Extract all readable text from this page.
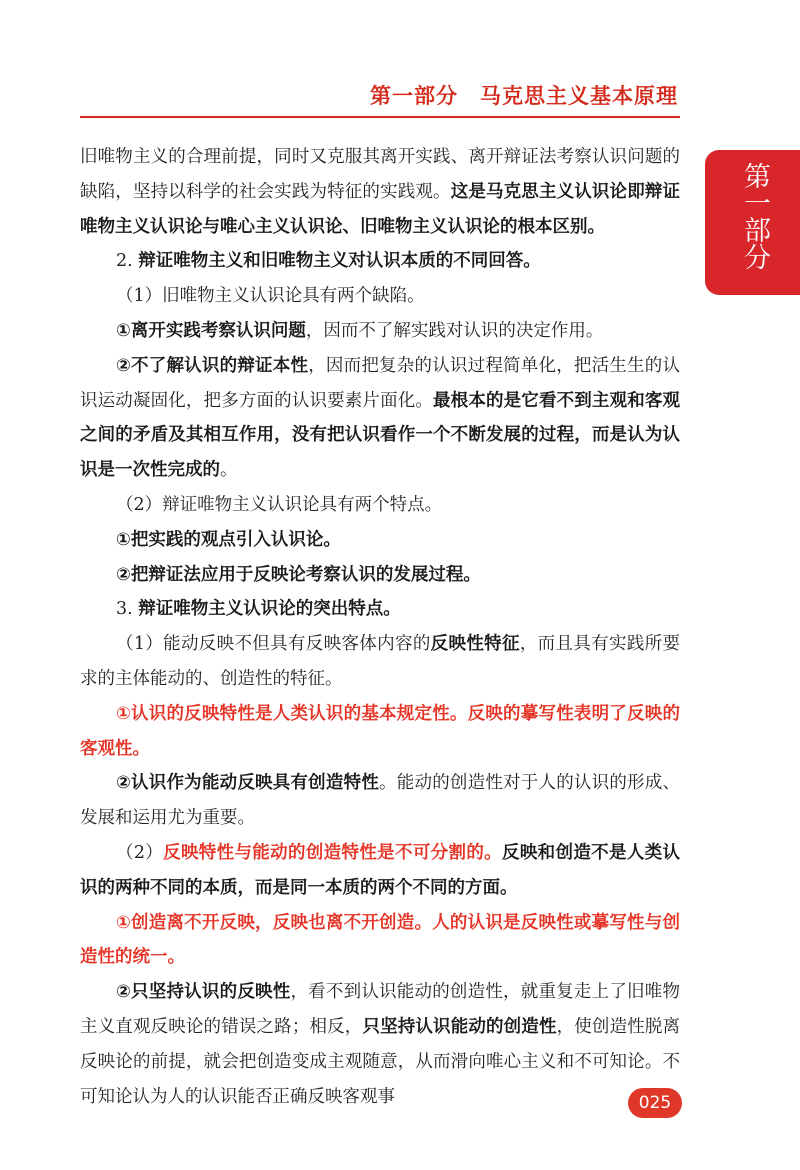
第一部分　马克思主义基本原理
第一部分

旧唯物主义的合理前提，同时又克服其离开实践、离开辩证法考察认识问题的缺陷，坚持以科学的社会实践为特征的实践观。这是马克思主义认识论即辩证唯物主义认识论与唯心主义认识论、旧唯物主义认识论的根本区别。

2. 辩证唯物主义和旧唯物主义对认识本质的不同回答。

（1）旧唯物主义认识论具有两个缺陷。

①离开实践考察认识问题，因而不了解实践对认识的决定作用。

②不了解认识的辩证本性，因而把复杂的认识过程简单化，把活生生的认识运动凝固化，把多方面的认识要素片面化。最根本的是它看不到主观和客观之间的矛盾及其相互作用，没有把认识看作一个不断发展的过程，而是认为认识是一次性完成的。

（2）辩证唯物主义认识论具有两个特点。

①把实践的观点引入认识论。

②把辩证法应用于反映论考察认识的发展过程。

3. 辩证唯物主义认识论的突出特点。

（1）能动反映不但具有反映客体内容的反映性特征，而且具有实践所要求的主体能动的、创造性的特征。

①认识的反映特性是人类认识的基本规定性。反映的摹写性表明了反映的客观性。

②认识作为能动反映具有创造特性。能动的创造性对于人的认识的形成、发展和运用尤为重要。

（2）反映特性与能动的创造特性是不可分割的。反映和创造不是人类认识的两种不同的本质，而是同一本质的两个不同的方面。

①创造离不开反映，反映也离不开创造。人的认识是反映性或摹写性与创造性的统一。

②只坚持认识的反映性，看不到认识能动的创造性，就重复走上了旧唯物主义直观反映论的错误之路；相反，只坚持认识能动的创造性，使创造性脱离反映论的前提，就会把创造变成主观随意，从而滑向唯心主义和不可知论。不可知论认为人的认识能否正确反映客观事	025
